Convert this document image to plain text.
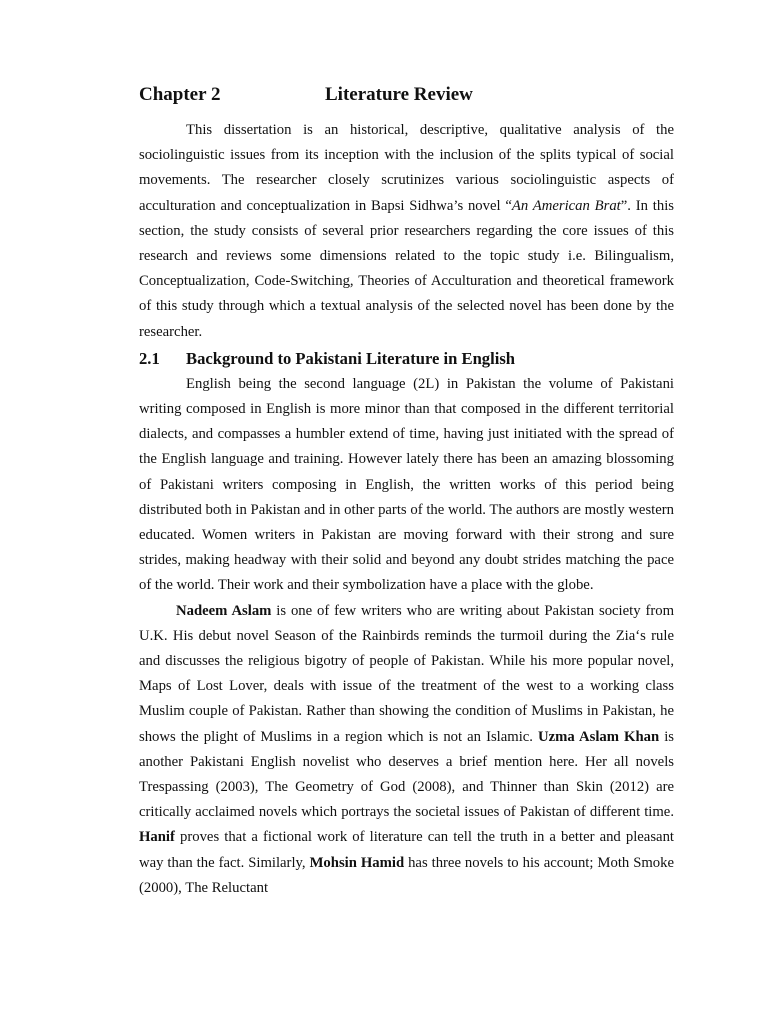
Chapter 2	Literature Review

This dissertation is an historical, descriptive, qualitative analysis of the sociolinguistic issues from its inception with the inclusion of the splits typical of social movements. The researcher closely scrutinizes various sociolinguistic aspects of acculturation and conceptualization in Bapsi Sidhwa’s novel “An American Brat”. In this section, the study consists of several prior researchers regarding the core issues of this research and reviews some dimensions related to the topic study i.e. Bilingualism, Conceptualization, Code-Switching, Theories of Acculturation and theoretical framework of this study through which a textual analysis of the selected novel has been done by the researcher.

2.1	Background to Pakistani Literature in English

English being the second language (2L) in Pakistan the volume of Pakistani writing composed in English is more minor than that composed in the different territorial dialects, and compasses a humbler extend of time, having just initiated with the spread of the English language and training. However lately there has been an amazing blossoming of Pakistani writers composing in English, the written works of this period being distributed both in Pakistan and in other parts of the world. The authors are mostly western educated. Women writers in Pakistan are moving forward with their strong and sure strides, making headway with their solid and beyond any doubt strides matching the pace of the world. Their work and their symbolization have a place with the globe.

Nadeem Aslam is one of few writers who are writing about Pakistan society from U.K. His debut novel Season of the Rainbirds reminds the turmoil during the Zia‘s rule and discusses the religious bigotry of people of Pakistan. While his more popular novel, Maps of Lost Lover, deals with issue of the treatment of the west to a working class Muslim couple of Pakistan. Rather than showing the condition of Muslims in Pakistan, he shows the plight of Muslims in a region which is not an Islamic. Uzma Aslam Khan is another Pakistani English novelist who deserves a brief mention here. Her all novels Trespassing (2003), The Geometry of God (2008), and Thinner than Skin (2012) are critically acclaimed novels which portrays the societal issues of Pakistan of different time. Hanif proves that a fictional work of literature can tell the truth in a better and pleasant way than the fact. Similarly, Mohsin Hamid has three novels to his account; Moth Smoke (2000), The Reluctant
